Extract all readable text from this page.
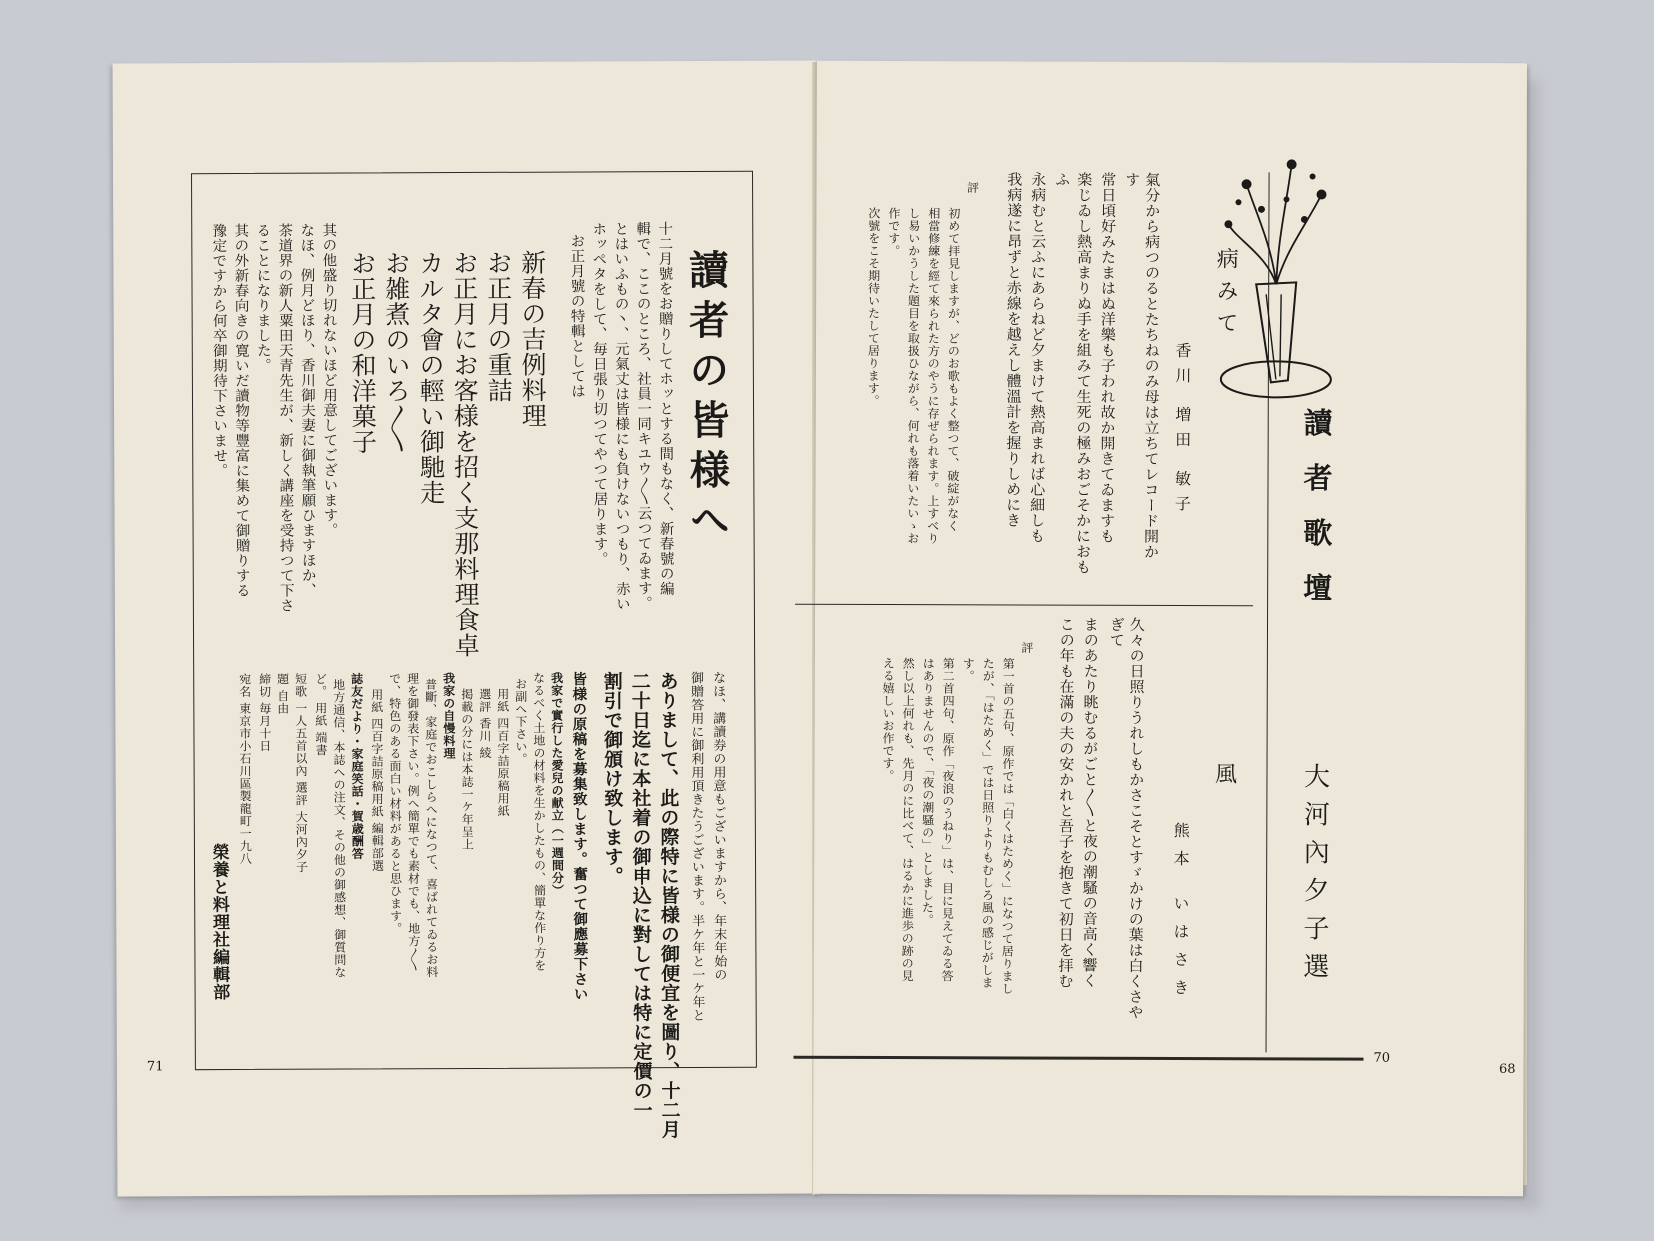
讀者の皆様へ
十二月號をお贈りしてホッとする間もなく、新春號の編
輯で、ここのところ、社員一同キユウ〳〵云つてゐます。
とはいふもの丶、元氣丈は皆様にも負けないつもり、赤い
ホッペタをして、毎日張り切つてやつて居ります。
お正月號の特輯としては
新春の吉例料理
お正月の重詰
お正月にお客様を招く支那料理食卓
カルタ會の輕い御馳走
お雑煮のいろ〳〵
お正月の和洋菓子
其の他盛り切れないほど用意してございます。
なほ、例月どほり、香川御夫妻に御執筆願ひますほか、
茶道界の新人粟田天青先生が、新しく講座を受持つて下さ
ることになりました。
其の外新春向きの寛いだ讀物等豐富に集めて御贈りする
豫定ですから何卒御期待下さいませ。
なほ、講讀券の用意もございますから、年末年始の
御贈答用に御利用頂きたうございます。半ケ年と一ケ年と
ありまして、此の際特に皆様の御便宜を圖り、十二月
二十日迄に本社着の御申込に對しては特に定價の一
割引で御頒け致します。
皆様の原稿を募集致します。奮つて御應募下さい
我家で實行した愛兒の献立（一週間分）
なるべく土地の材料を生かしたもの、簡單な作り方を
お副へ下さい。
用紙 四百字詰原稿用紙
選評 香川 綾
掲載の分には本誌一ケ年呈上
我家の自慢料理
普斷、家庭でおこしらへになつて、喜ばれてゐるお料
理を御發表下さい。例へ簡單でも素材でも、地方〳〵
で、特色のある面白い材料があると思ひます。
用紙 四百字詰原稿用紙 編輯部選
誌友だより・家庭笑話・賀歳酬答
地方通信、本誌への注文、その他の御感想、御質問な
ど。 用紙 端書
短歌 一人五首以內 選評 大河內夕子
題 自由
締切 毎月十日
宛名 東京市小石川區製龍町一九八
榮養と料理社編輯部
71
讀者歌壇
大河內夕子選
病みて
香川 増田 敏子
氣分から病つのるとたちねのみ母は立ちてレコード開か
す
常日頃好みたまはぬ洋樂も子われ故か開きてゐますも
楽じゐし熱高まりぬ手を組みて生死の極みおごそかにおも
ふ
永病むと云ふにあらねど夕まけて熱高まれば心細しも
我病遂に昂ずと赤線を越えし體溫計を握りしめにき
評
初めて拝見しますが、どのお歌もよく整つて、破綻がなく
相當修練を經て來られた方のやうに存ぜられます。上すべり
し易いかうした題目を取扱ひながら、何れも落着いたいゝお
作です。
次號をこそ期待いたして居ります。
風
熊本 いはさき
久々の日照りうれしもかさこそとすゞかけの葉は白くさや
ぎて
まのあたり眺むるがごと〳〵と夜の潮騷の音高く響く
この年も在滿の夫の安かれと吾子を抱きて初日を拝む
評
第一首の五句、原作では「白くはためく」になつて居りまし
たが、「はためく」では日照りよりもむしろ風の感じがしま
す。
第二首四句、原作「夜浪のうねり」は、目に見えてゐる答
はありませんので、「夜の潮騷の」としました。
然し以上何れも、先月のに比べて、はるかに進歩の跡の見
える嬉しいお作です。
70
68
